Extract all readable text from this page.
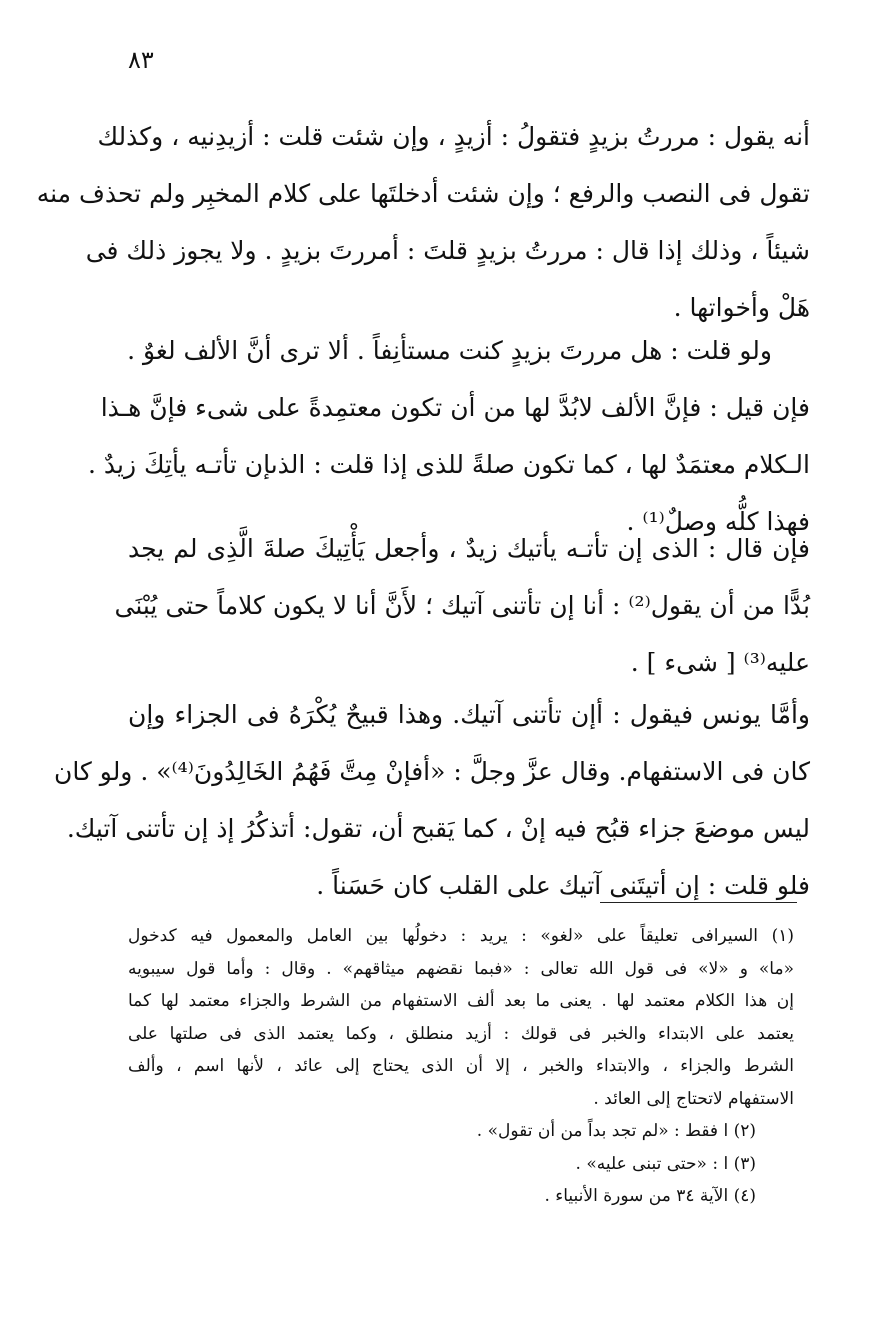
٨٣
أنه يقول : مررتُ بزيدٍ فتقولُ : أزيدٍ ، وإن شئت قلت : أزيدِنيه ، وكذلك
تقول فى النصب والرفع ؛ وإن شئت أدخلتَها على كلام المخبِر ولم تحذف منه
شيئاً ، وذلك إذا قال : مررتُ بزيدٍ قلتَ : أمررتَ بزيدٍ . ولا يجوز ذلك فى
هَلْ وأخواتها .
ولو قلت : هل مررتَ بزيدٍ كنت مستأنِفاً . ألا ترى أنَّ الألف لغوٌ .
فإن قيل : فإنَّ الألف لابُدَّ لها من أن تكون معتمِدةً على شىء فإنَّ هـذا
الـكلام معتمَدٌ لها ، كما تكون صلةً للذى إذا قلت : الذىإن تأتـه يأتِكَ زيدٌ .
فهذا كلُّه وصلٌ⁽¹⁾ .
فإن قال : الذى إن تأتـه يأتيك زيدٌ ، وأجعل يَأْتِيكَ صلةَ الَّذِى لم يجد
بُدًّا من أن يقول⁽²⁾ : أنا إن تأتنى آتيك ؛ لأَنَّ أنا لا يكون كلاماً حتى يُبْنَى
عليه⁽³⁾ [ شىء ] .
وأمَّا يونس فيقول : أإن تأتنى آتيك. وهذا قبيحٌ يُكْرَهُ فى الجزاء وإن
كان فى الاستفهام. وقال عزَّ وجلَّ : «أفإنْ مِتَّ فَهُمُ الخَالِدُونَ⁽⁴⁾» . ولو كان
ليس موضعَ جزاء قبُح فيه إنْ ، كما يَقبح أن، تقول: أتذكُرُ إذ إن تأتنى آتيك.
فلو قلت : إن أتيتَنى آتيك على القلب كان حَسَناً .
(١) السيرافى تعليقاً على «لغو» : يريد : دخولُها بين العامل والمعمول فيه كدخول
«ما» و «لا» فى قول الله تعالى : «فبما نقضهم ميثاقهم» . وقال : وأما قول سيبويه
إن هذا الكلام معتمد لها . يعنى ما بعد ألف الاستفهام من الشرط والجزاء معتمد لها كما
يعتمد على الابتداء والخبر فى قولك : أزيد منطلق ، وكما يعتمد الذى فى صلتها على
الشرط والجزاء ، والابتداء والخبر ، إلا أن الذى يحتاج إلى عائد ، لأنها اسم ، وألف
الاستفهام لاتحتاج إلى العائد .
(٢) ا فقط : «لم تجد بداً من أن تقول» .
(٣) ا : «حتى تبنى عليه» .
(٤) الآية ٣٤ من سورة الأنبياء .
